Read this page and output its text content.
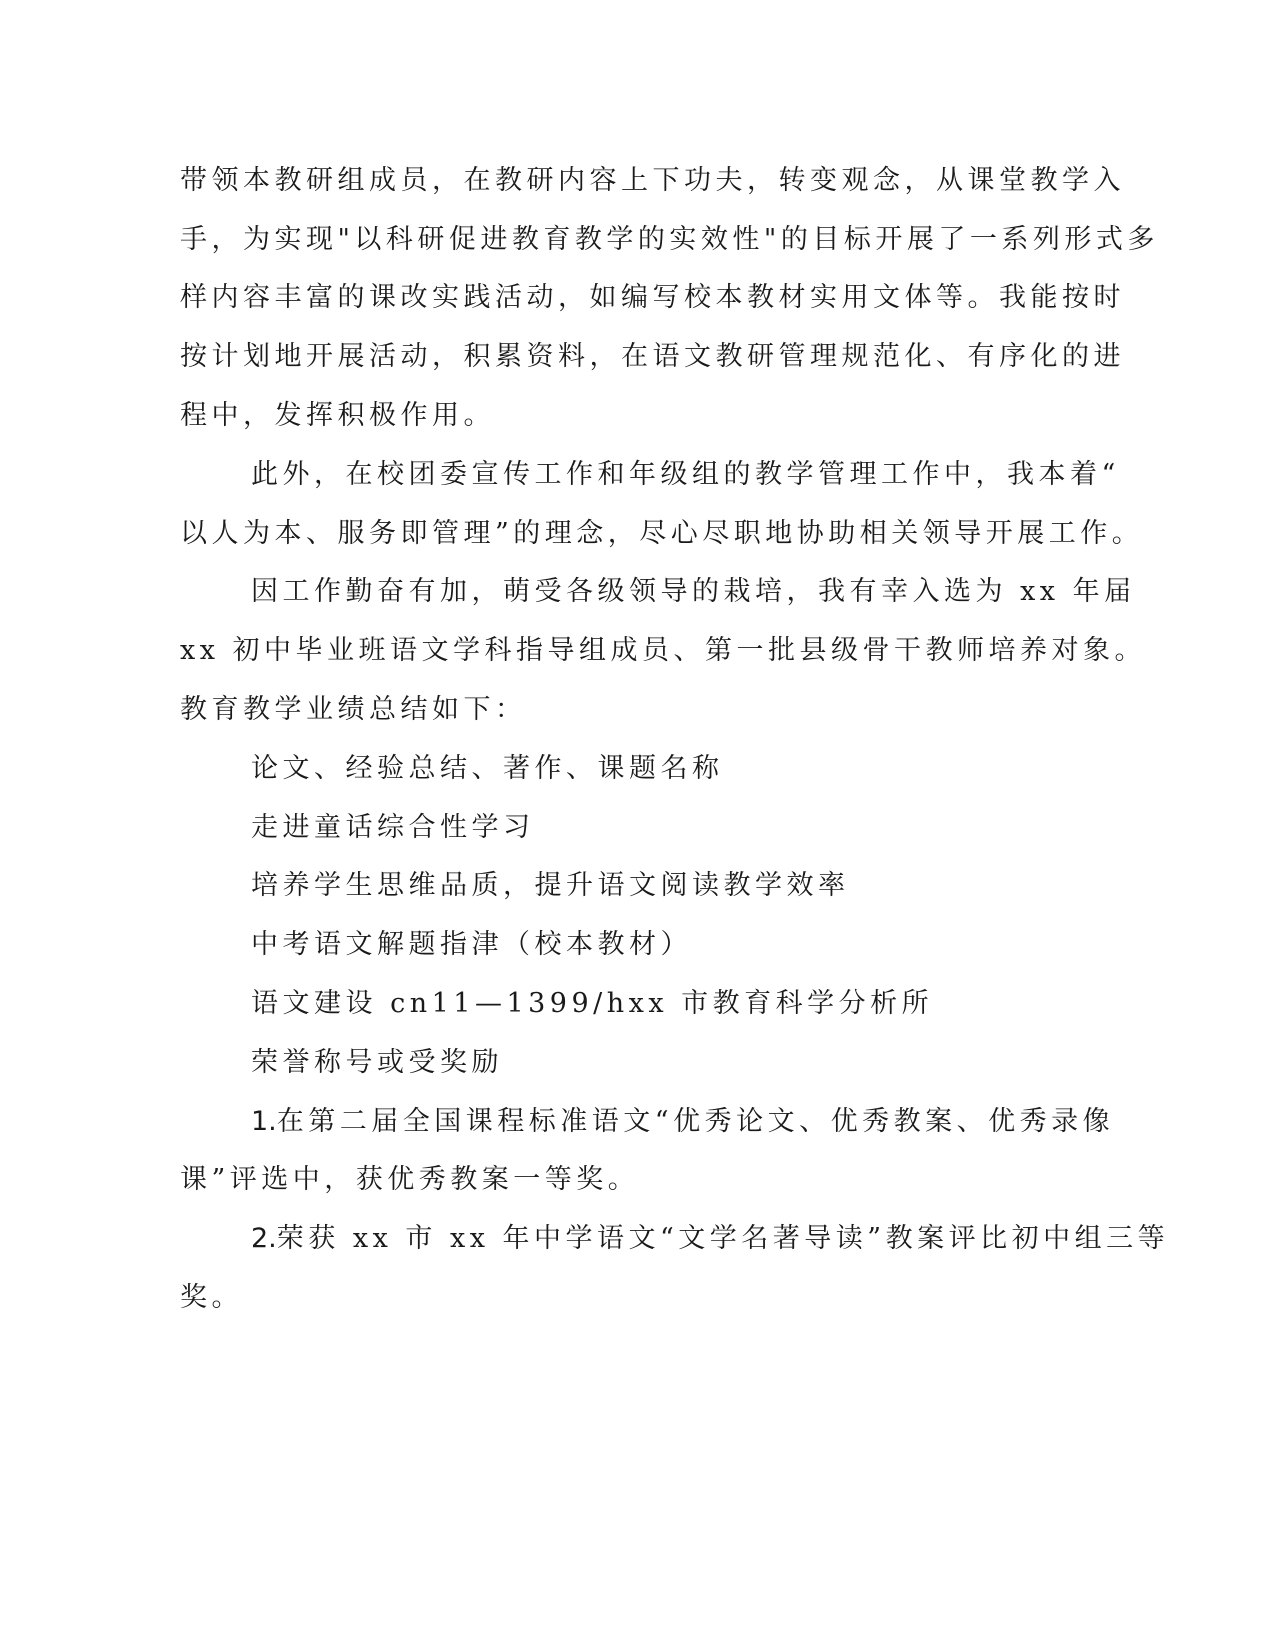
带领本教研组成员，在教研内容上下功夫，转变观念，从课堂教学入
手，为实现"以科研促进教育教学的实效性"的目标开展了一系列形式多
样内容丰富的课改实践活动，如编写校本教材实用文体等。我能按时
按计划地开展活动，积累资料，在语文教研管理规范化、有序化的进
程中，发挥积极作用。
此外，在校团委宣传工作和年级组的教学管理工作中，我本着“
以人为本、服务即管理”的理念，尽心尽职地协助相关领导开展工作。
因工作勤奋有加，萌受各级领导的栽培，我有幸入选为 xx 年届
xx 初中毕业班语文学科指导组成员、第一批县级骨干教师培养对象。
教育教学业绩总结如下：
论文、经验总结、著作、课题名称
走进童话综合性学习
培养学生思维品质，提升语文阅读教学效率
中考语文解题指津（校本教材）
语文建设 cn11—1399/hxx 市教育科学分析所
荣誉称号或受奖励
1.在第二届全国课程标准语文“优秀论文、优秀教案、优秀录像
课”评选中，获优秀教案一等奖。
2.荣获 xx 市 xx 年中学语文“文学名著导读”教案评比初中组三等
奖。
